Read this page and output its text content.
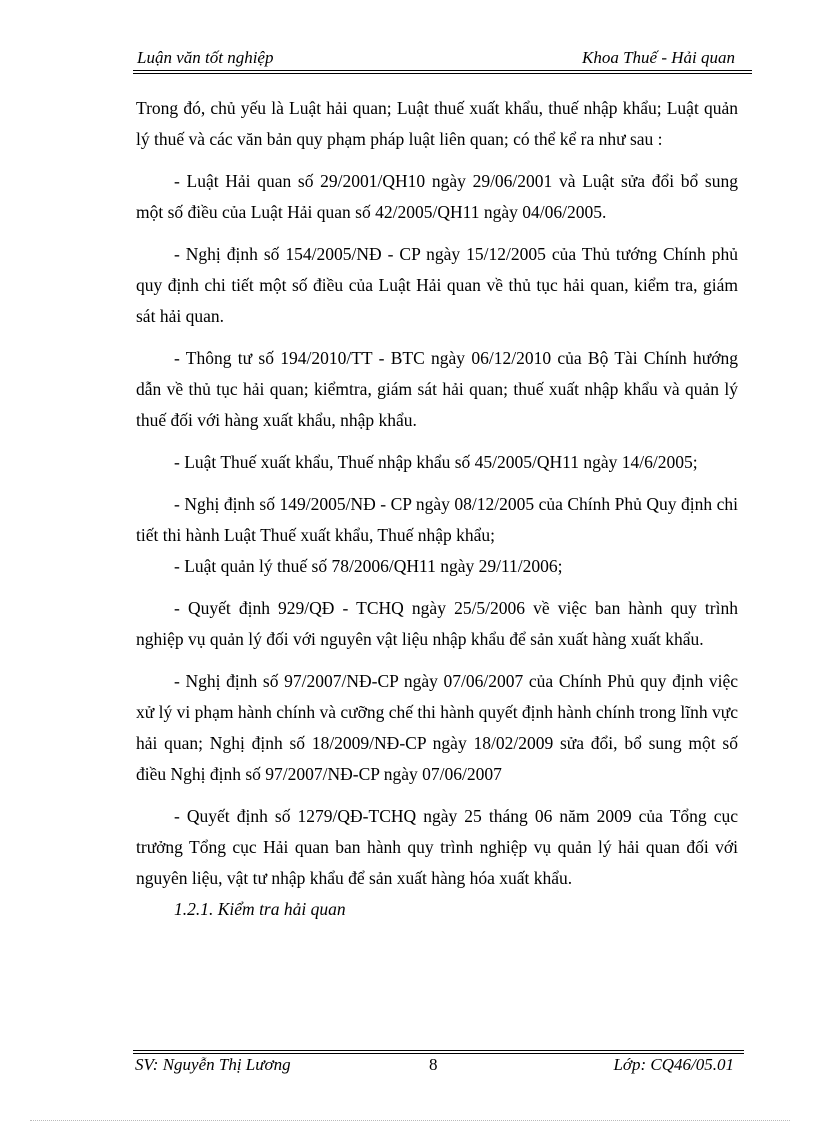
Luận văn tốt nghiệp	Khoa Thuế - Hải quan

Trong đó, chủ yếu là Luật hải quan; Luật thuế xuất khẩu, thuế nhập khẩu; Luật quản lý thuế và các văn bản quy phạm pháp luật liên quan; có thể kể ra như sau :

- Luật Hải quan số 29/2001/QH10 ngày 29/06/2001 và Luật sửa đổi bổ sung một số điều của Luật Hải quan số 42/2005/QH11 ngày 04/06/2005.

- Nghị định số 154/2005/NĐ - CP ngày 15/12/2005 của Thủ tướng Chính phủ quy định chi tiết một số điều của Luật Hải quan về thủ tục hải quan, kiểm tra, giám sát hải quan.

- Thông tư số 194/2010/TT - BTC ngày 06/12/2010 của Bộ Tài Chính hướng dẫn về thủ tục hải quan; kiểmtra, giám sát hải quan; thuế xuất nhập khẩu và quản lý thuế đối với hàng xuất khẩu, nhập khẩu.

- Luật Thuế xuất khẩu, Thuế nhập khẩu số 45/2005/QH11 ngày 14/6/2005;

- Nghị định số 149/2005/NĐ - CP ngày 08/12/2005 của Chính Phủ Quy định chi tiết thi hành Luật Thuế xuất khẩu, Thuế nhập khẩu;

- Luật quản lý thuế số 78/2006/QH11 ngày 29/11/2006;

- Quyết định 929/QĐ - TCHQ ngày 25/5/2006 về việc ban hành quy trình nghiệp vụ quản lý đối với nguyên vật liệu nhập khẩu để sản xuất hàng xuất khẩu.

- Nghị định số 97/2007/NĐ-CP ngày 07/06/2007 của Chính Phủ quy định việc xử lý vi phạm hành chính và cưỡng chế thi hành quyết định hành chính trong lĩnh vực hải quan; Nghị định số 18/2009/NĐ-CP ngày 18/02/2009 sửa đổi, bổ sung một số điều Nghị định số 97/2007/NĐ-CP ngày 07/06/2007

- Quyết định số 1279/QĐ-TCHQ ngày 25 tháng 06 năm 2009 của Tổng cục trưởng Tổng cục Hải quan ban hành quy trình nghiệp vụ quản lý hải quan đối với nguyên liệu, vật tư nhập khẩu để sản xuất hàng hóa xuất khẩu.

1.2.1. Kiểm tra hải quan

SV: Nguyễn Thị Lương	8	Lớp: CQ46/05.01
